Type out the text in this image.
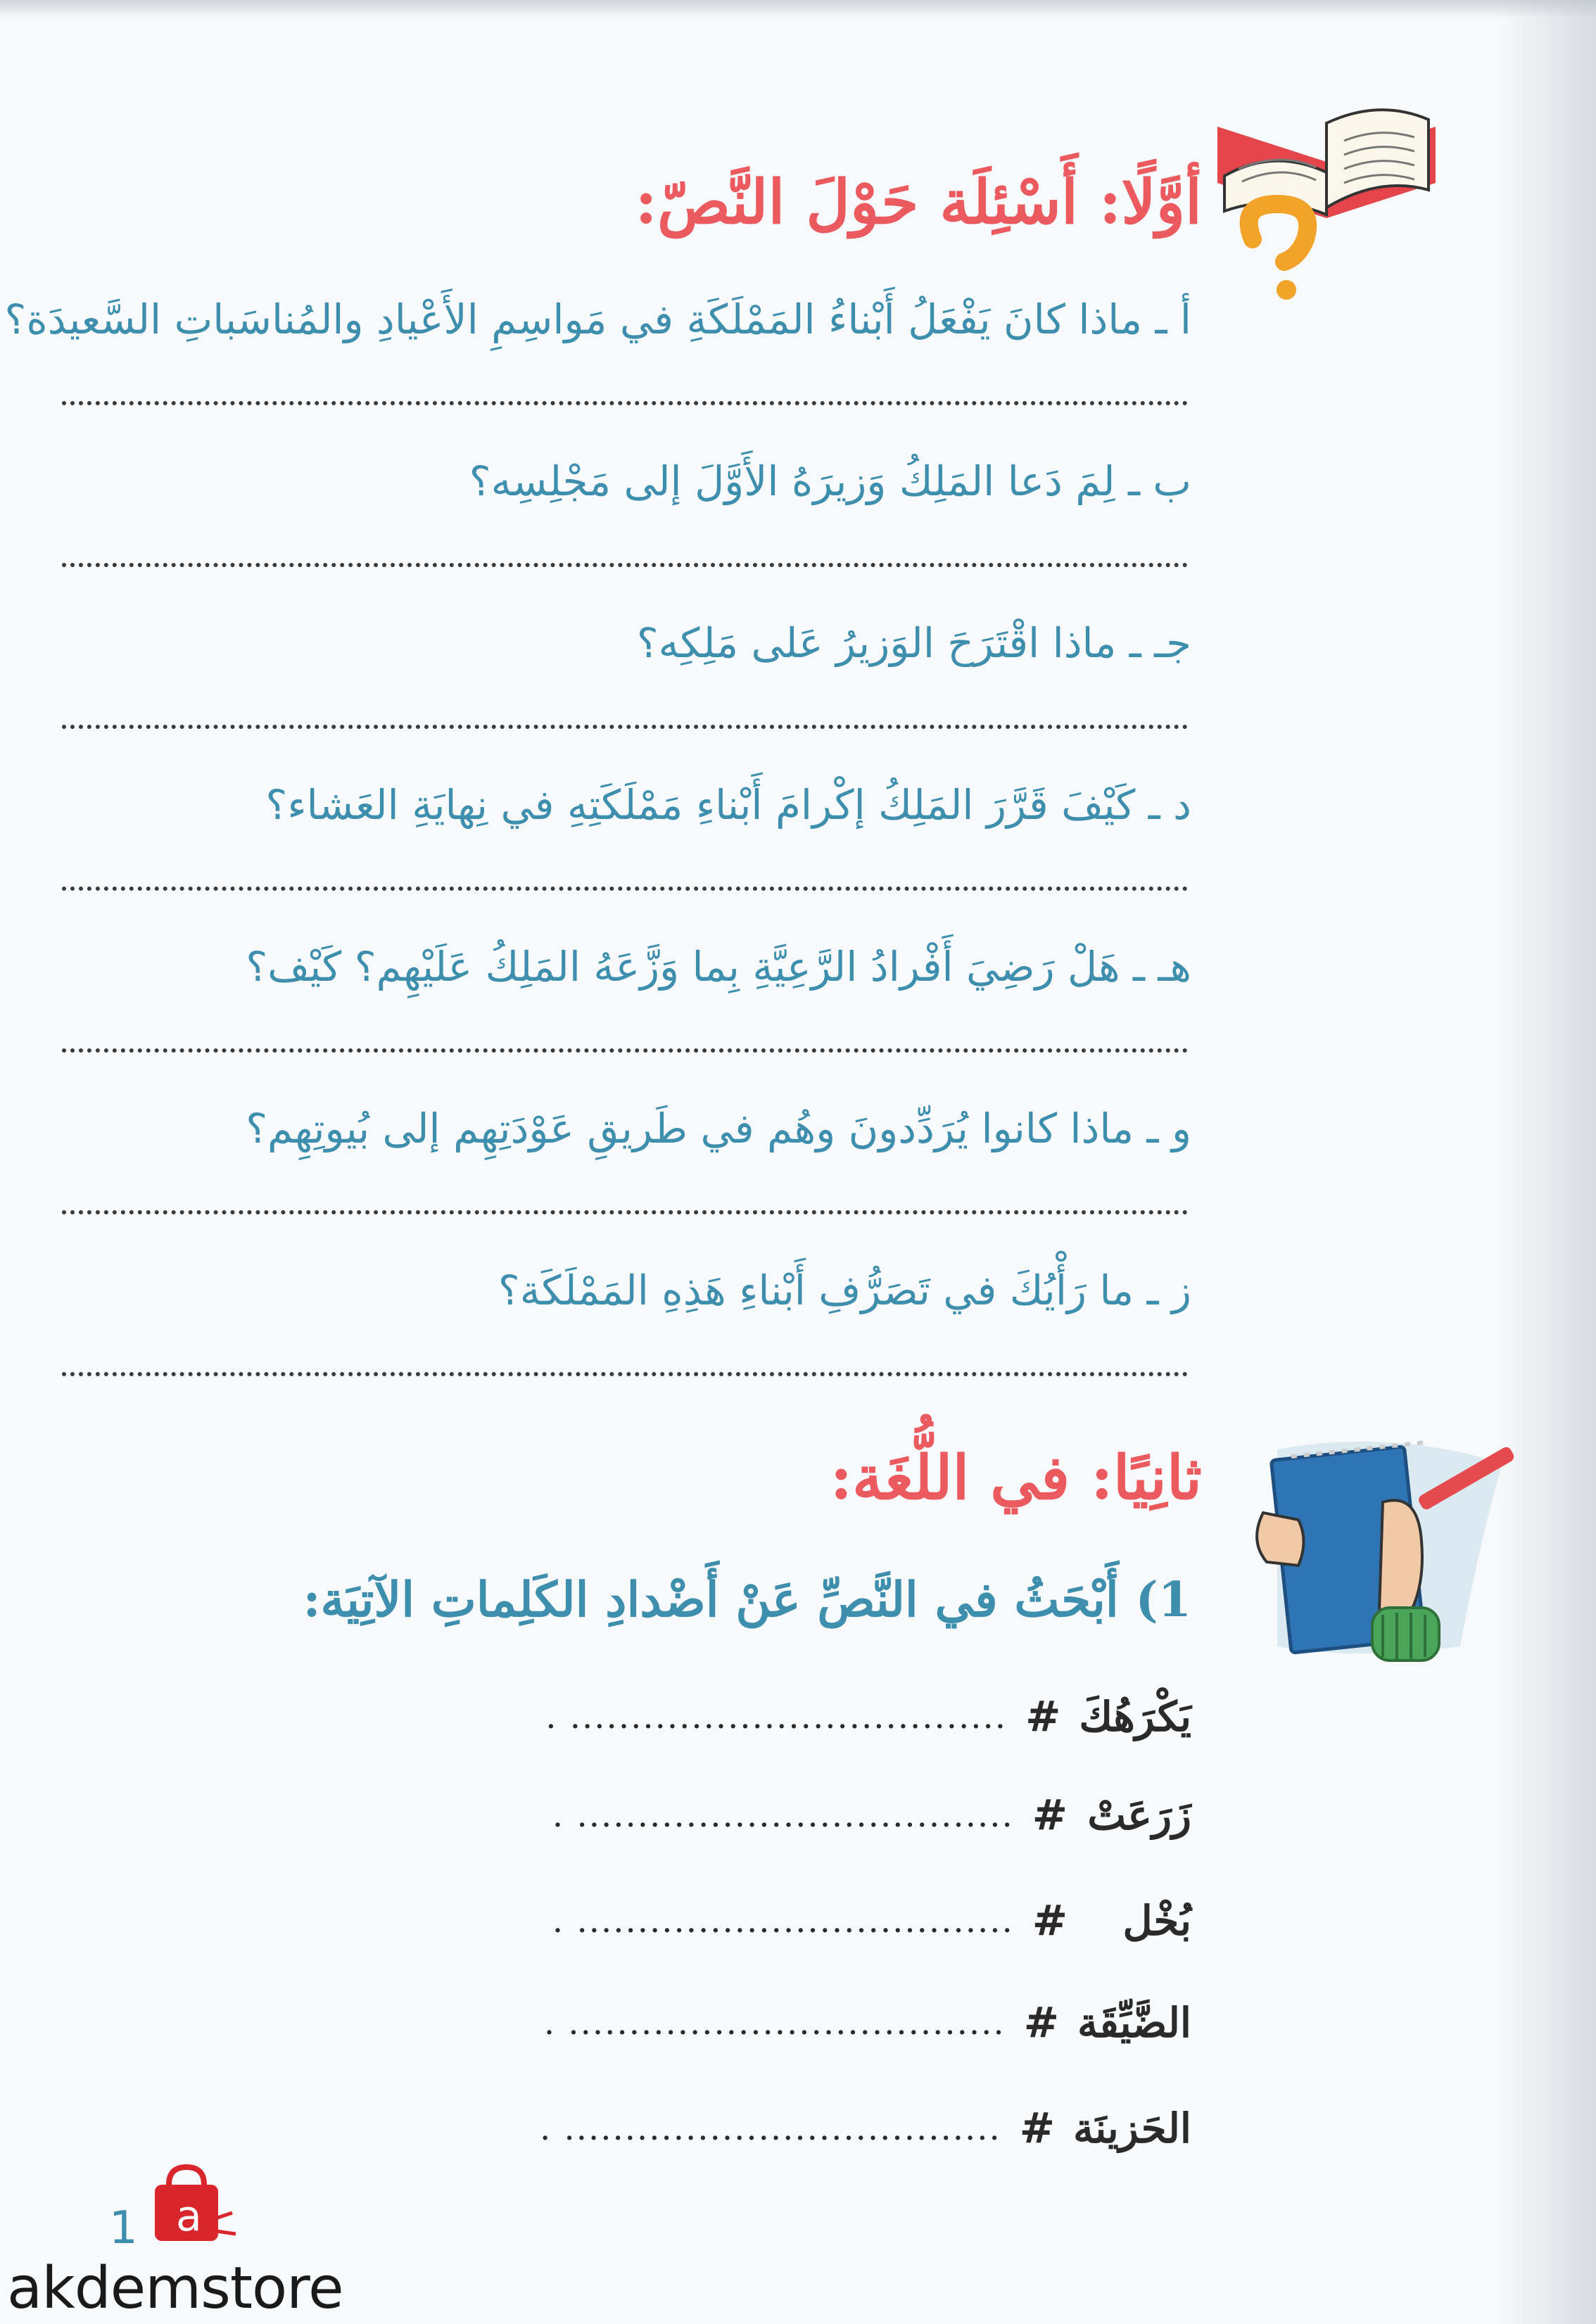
أوَّلًا: أَسْئِلَة حَوْلَ النَّصّ:

أ ـ ماذا كانَ يَفْعَلُ أَبْناءُ المَمْلَكَةِ في مَواسِمِ الأَعْيادِ والمُناسَباتِ السَّعيدَة؟

ب ـ لِمَ دَعا المَلِكُ وَزيرَهُ الأَوَّلَ إلى مَجْلِسِه؟

جـ ـ ماذا اقْتَرَحَ الوَزيرُ عَلى مَلِكِه؟

د ـ كَيْفَ قَرَّرَ المَلِكُ إكْرامَ أَبْناءِ مَمْلَكَتِهِ في نِهايَةِ العَشاء؟

هـ ـ هَلْ رَضِيَ أَفْرادُ الرَّعِيَّةِ بِما وَزَّعَهُ المَلِكُ عَلَيْهِم؟ كَيْف؟

و ـ ماذا كانوا يُرَدِّدونَ وهُم في طَريقِ عَوْدَتِهِم إلى بُيوتِهِم؟

ز ـ ما رَأْيُكَ في تَصَرُّفِ أَبْناءِ هَذِهِ المَمْلَكَة؟

ثانِيًا: في اللُّغَة:

1) أَبْحَثُ في النَّصِّ عَنْ أَضْدادِ الكَلِماتِ الآتِيَة:

يَكْرَهُكَ
#
.................................... .
زَرَعَتْ
#
.................................... .
بُخْل
#
.................................... .
الضَّيِّقَة
#
.................................... .
الحَزينَة
#
.................................... .
1 a
akdemstore
